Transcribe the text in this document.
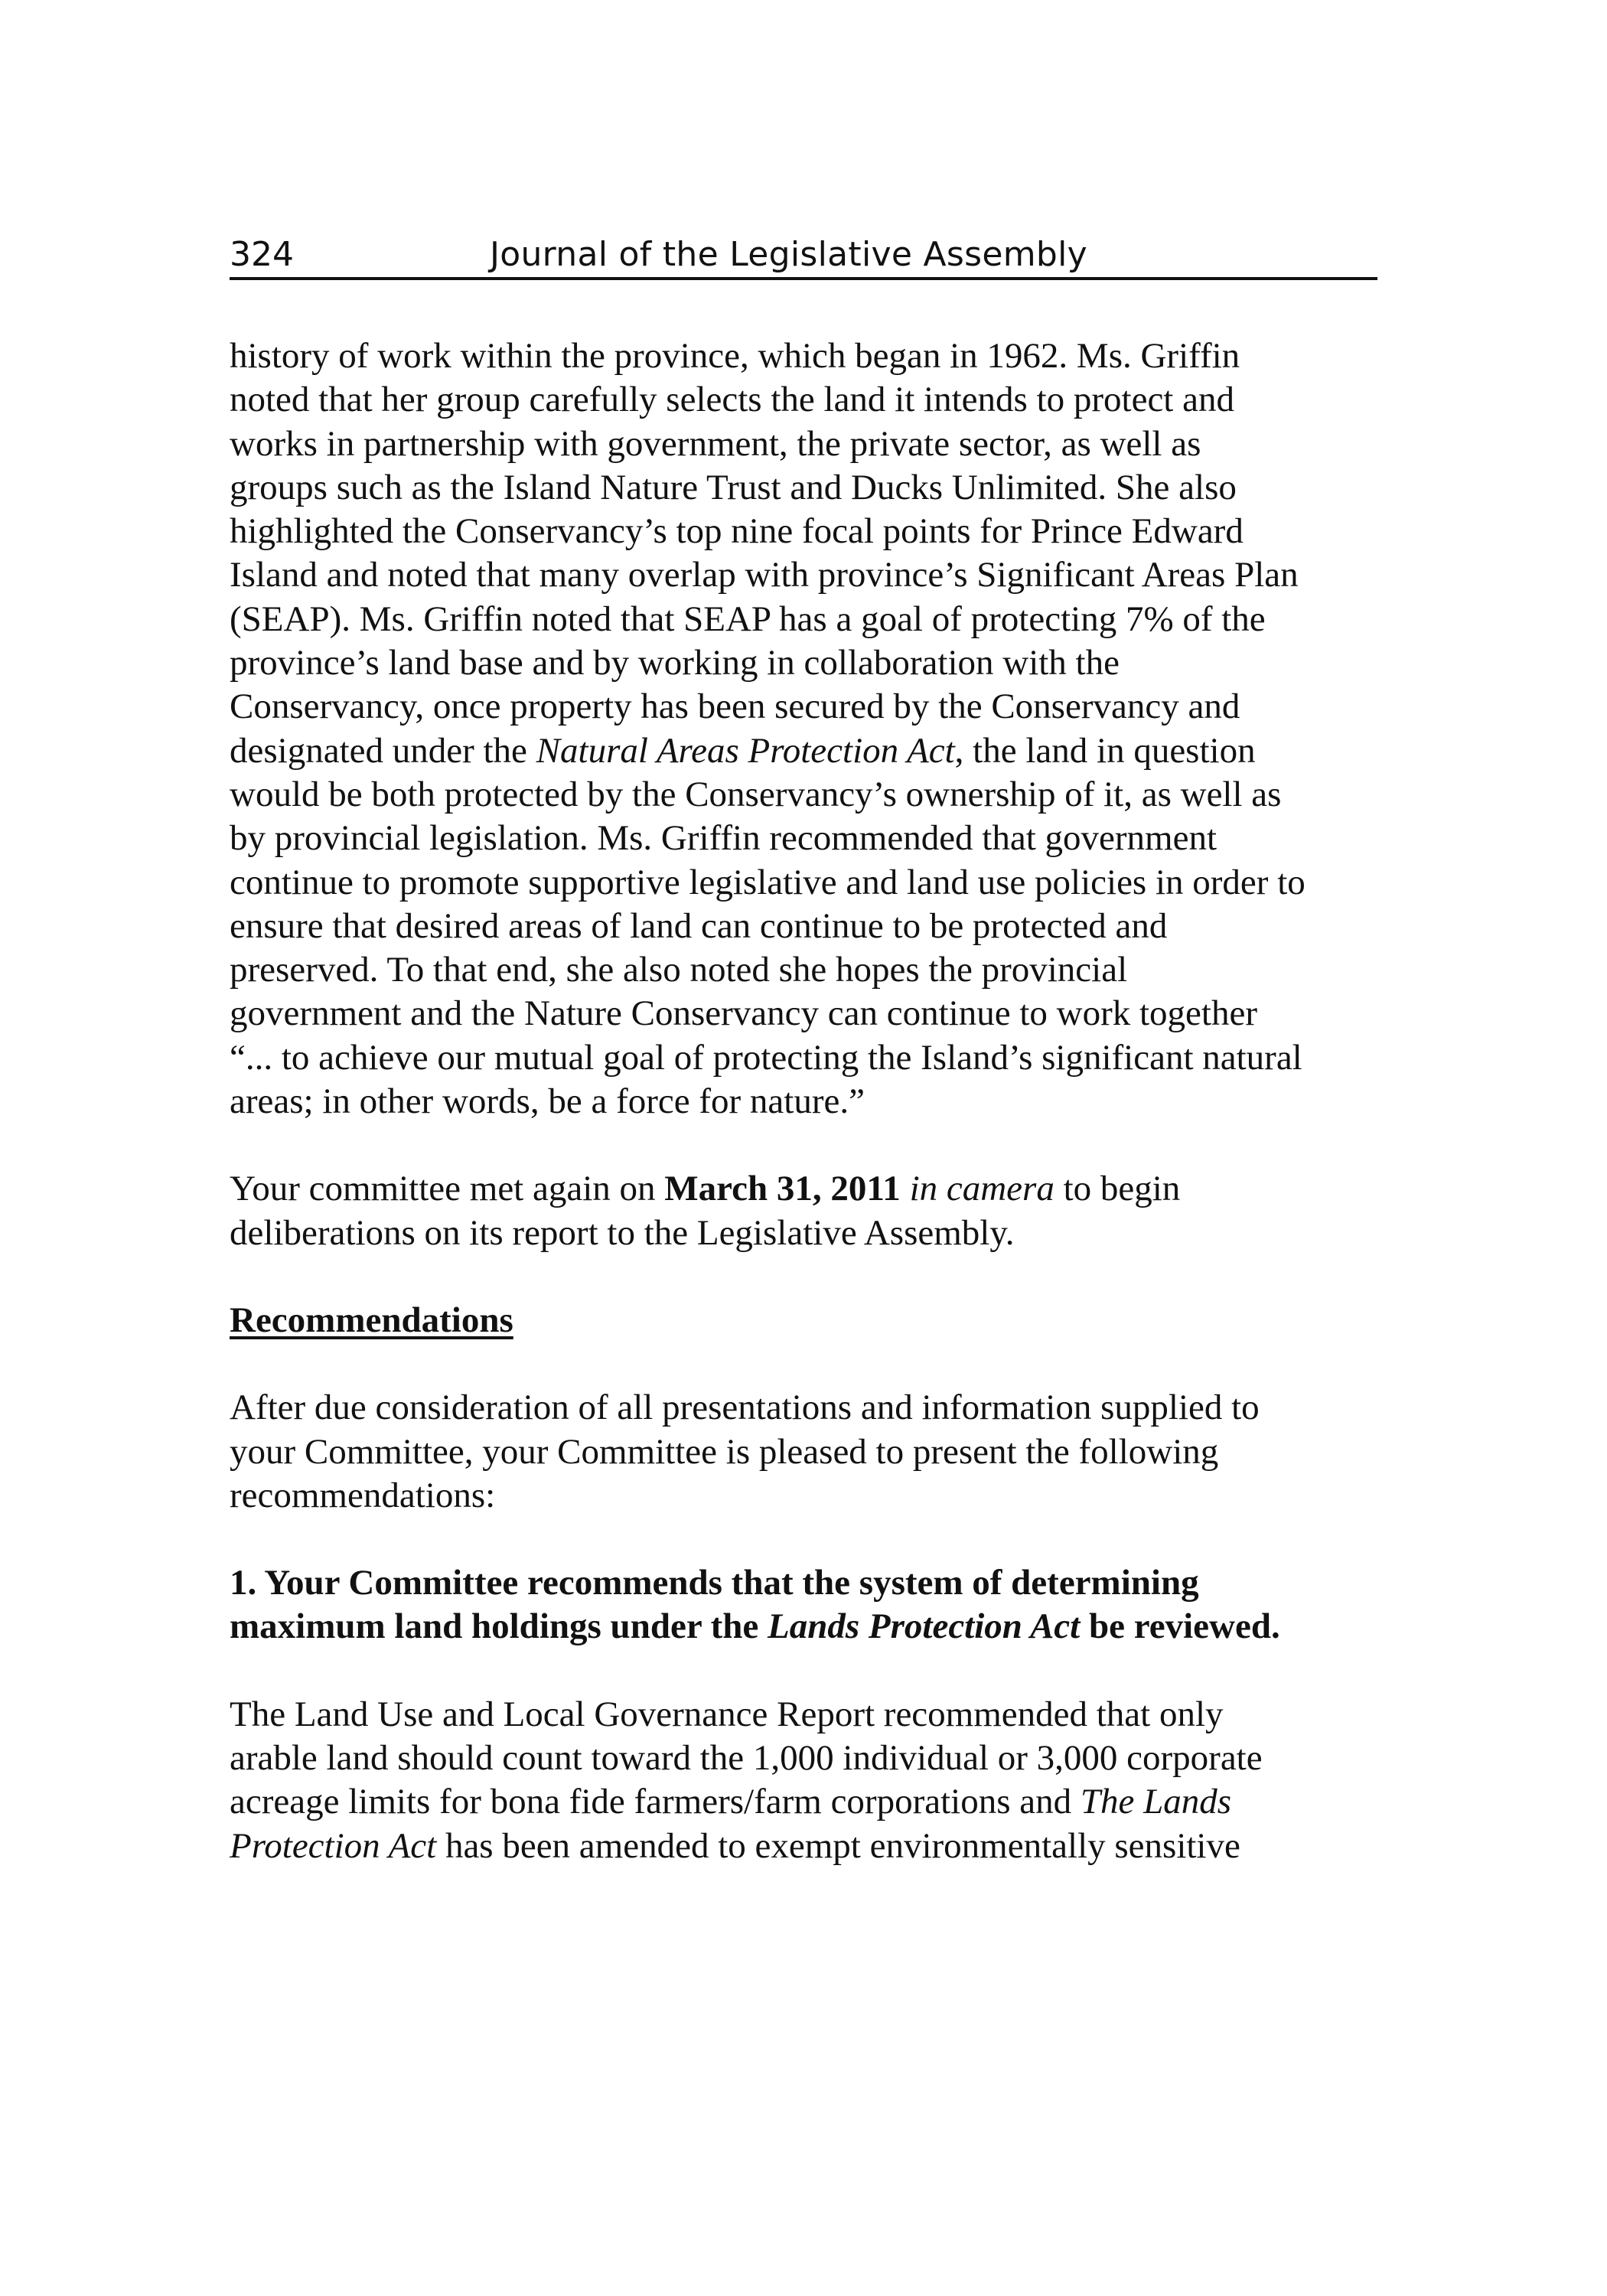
324	Journal of the Legislative Assembly

history of work within the province, which began in 1962. Ms. Griffin
noted that her group carefully selects the land it intends to protect and
works in partnership with government, the private sector, as well as
groups such as the Island Nature Trust and Ducks Unlimited. She also
highlighted the Conservancy’s top nine focal points for Prince Edward
Island and noted that many overlap with province’s Significant Areas Plan
(SEAP). Ms. Griffin noted that SEAP has a goal of protecting 7% of the
province’s land base and by working in collaboration with the
Conservancy, once property has been secured by the Conservancy and
designated under the Natural Areas Protection Act, the land in question
would be both protected by the Conservancy’s ownership of it, as well as
by provincial legislation. Ms. Griffin recommended that government
continue to promote supportive legislative and land use policies in order to
ensure that desired areas of land can continue to be protected and
preserved. To that end, she also noted she hopes the provincial
government and the Nature Conservancy can continue to work together
“... to achieve our mutual goal of protecting the Island’s significant natural
areas; in other words, be a force for nature.”

Your committee met again on March 31, 2011 in camera to begin
deliberations on its report to the Legislative Assembly.

Recommendations

After due consideration of all presentations and information supplied to
your Committee, your Committee is pleased to present the following
recommendations:

1. Your Committee recommends that the system of determining
maximum land holdings under the Lands Protection Act be reviewed.

The Land Use and Local Governance Report recommended that only
arable land should count toward the 1,000 individual or 3,000 corporate
acreage limits for bona fide farmers/farm corporations and The Lands
Protection Act has been amended to exempt environmentally sensitive
